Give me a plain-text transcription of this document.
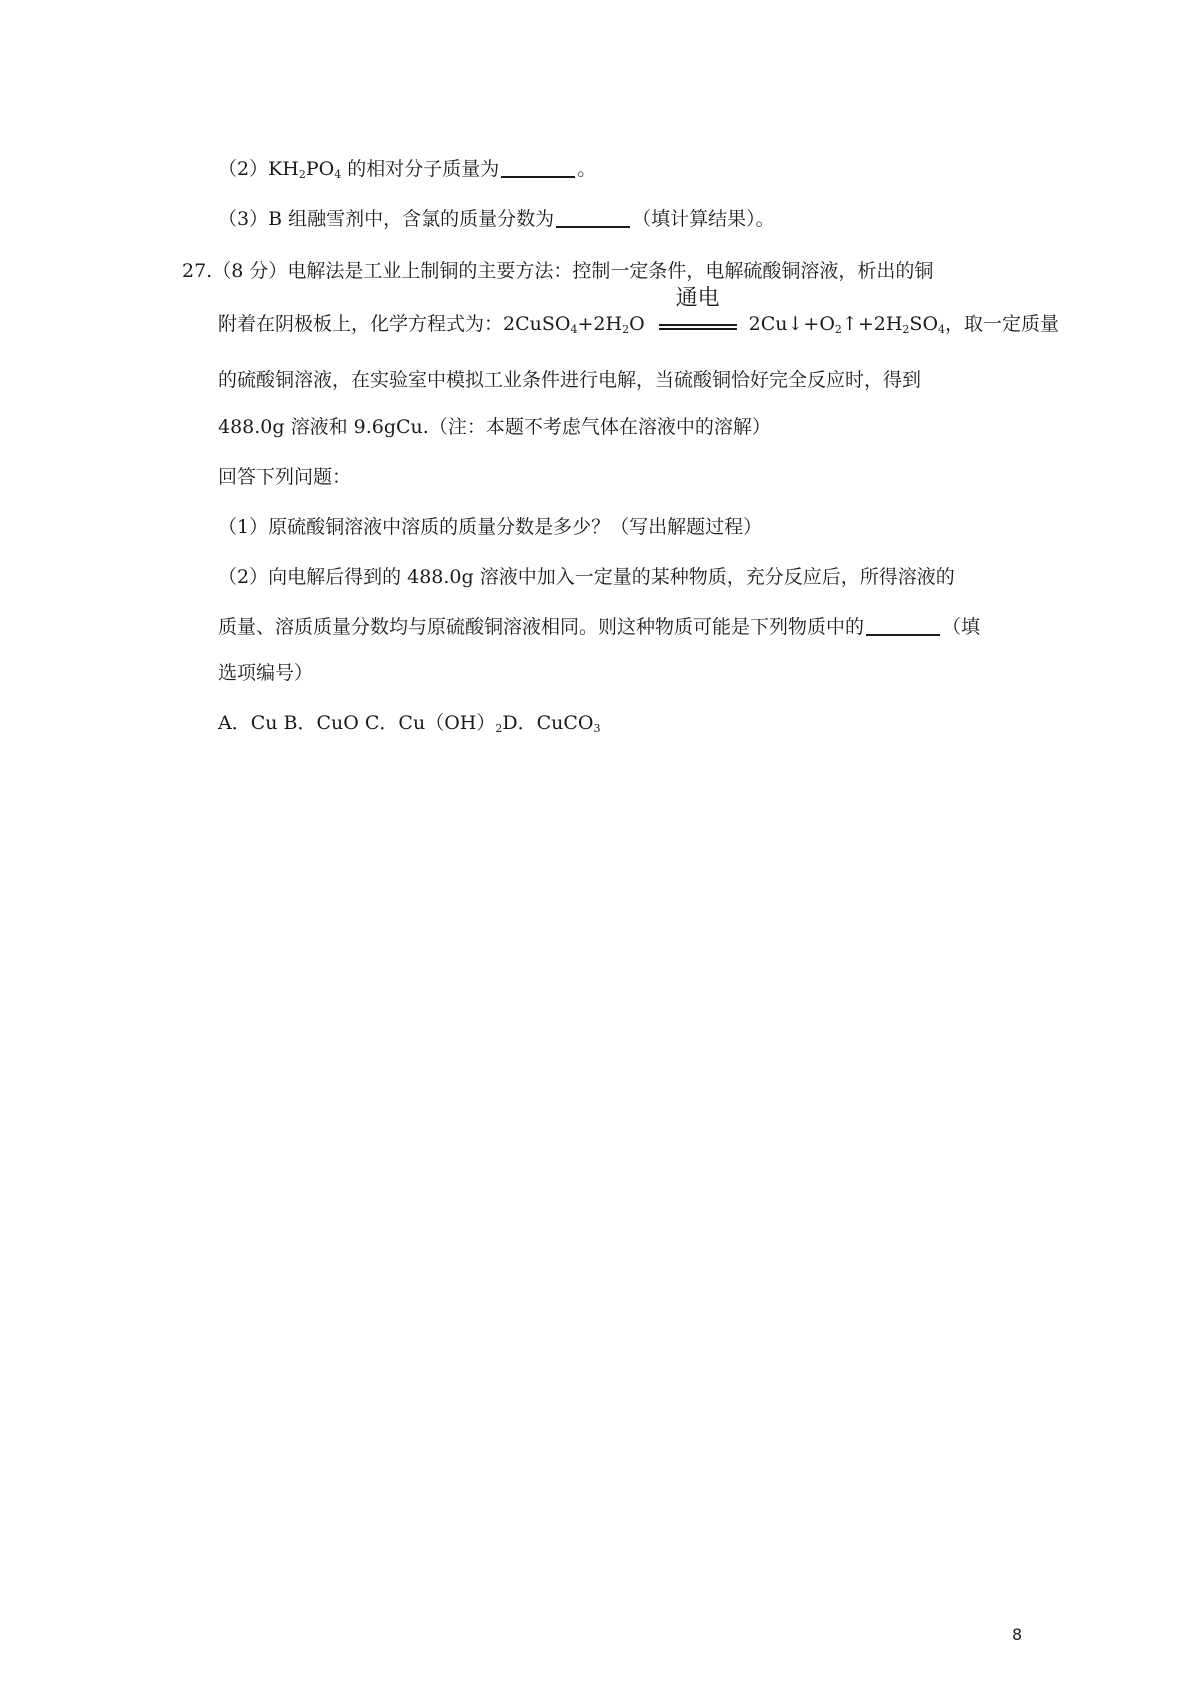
$(2)KH_2PO_4$ 的相对分子质量为	。
（3）B 组融雪剂中，含氯的质量分数为	（填计算结果）。
27.（8 分）电解法是工业上制铜的主要方法：控制一定条件，电解硫酸铜溶液，析出的铜
附着在阴极板上，化学方程式为：$2CuSO_4+2H_2O$
通电
$2Cu↓+O_2↑+2H_2SO_4$，取一定质量
的硫酸铜溶液，在实验室中模拟工业条件进行电解，当硫酸铜恰好完全反应时，得到
488.0g 溶液和 9.6gCu.（注：本题不考虑气体在溶液中的溶解）
回答下列问题：
（1）原硫酸铜溶液中溶质的质量分数是多少？（写出解题过程）
（2）向电解后得到的 488.0g 溶液中加入一定量的某种物质，充分反应后，所得溶液的
质量、溶质质量分数均与原硫酸铜溶液相同。则这种物质可能是下列物质中的	（填
选项编号）
A．Cu B．CuO C．$Cu(OH)_2D$．CuCO$_3$
8
